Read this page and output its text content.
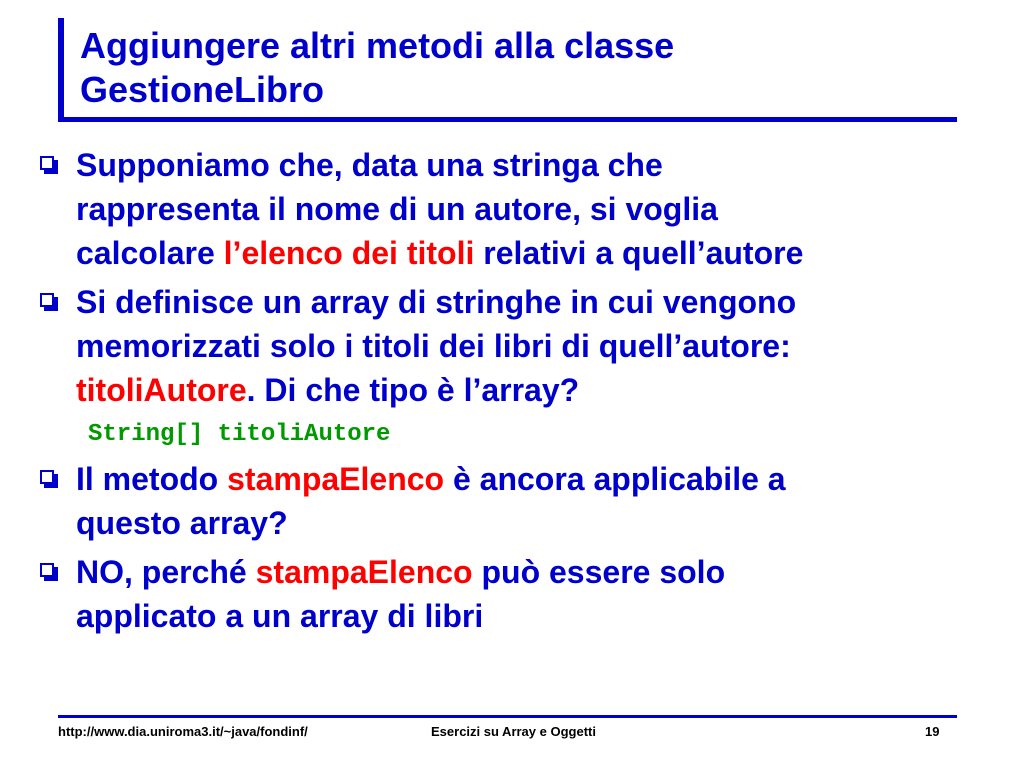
Aggiungere altri metodi alla classe
GestioneLibro
Supponiamo che, data una stringa che
rappresenta il nome di un autore, si voglia
calcolare l’elenco dei titoli relativi a quell’autore
Si definisce un array di stringhe in cui vengono
memorizzati solo i titoli dei libri di quell’autore:
titoliAutore. Di che tipo è l’array?
String[] titoliAutore
Il metodo stampaElenco è ancora applicabile a
questo array?
NO, perché stampaElenco può essere solo
applicato a un array di libri
http://www.dia.uniroma3.it/~java/fondinf/	Esercizi su Array e Oggetti	19
